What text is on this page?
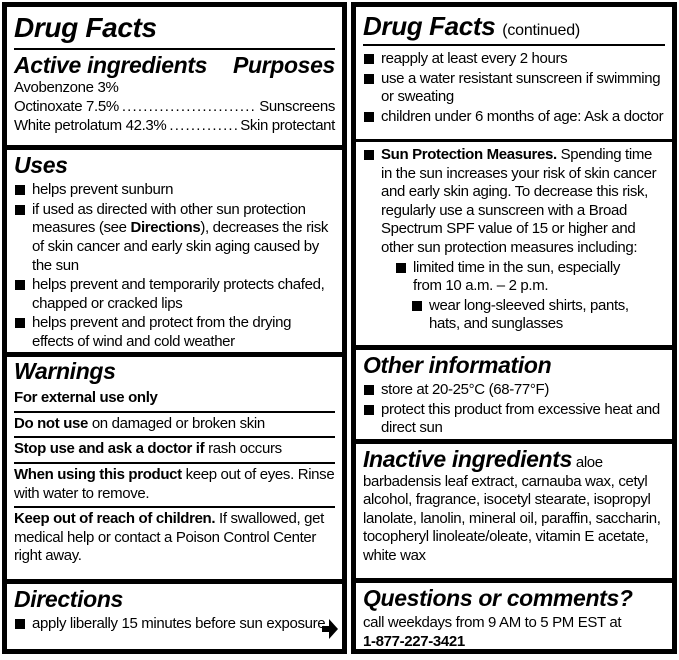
Drug Facts
Active ingredients Purposes
Avobenzone 3%
Octinoxate 7.5% .....	Sunscreens
White petrolatum 42.3% .....	Skin protectant
Uses
helps prevent sunburn
if used as directed with other sun protection measures (see Directions), decreases the risk of skin cancer and early skin aging caused by the sun
helps prevent and temporarily protects chafed, chapped or cracked lips
helps prevent and protect from the drying effects of wind and cold weather
Warnings
For external use only
Do not use on damaged or broken skin
Stop use and ask a doctor if rash occurs
When using this product keep out of eyes. Rinse with water to remove.
Keep out of reach of children. If swallowed, get medical help or contact a Poison Control Center right away.
Directions
apply liberally 15 minutes before sun exposure
Drug Facts (continued)
reapply at least every 2 hours
use a water resistant sunscreen if swimming or sweating
children under 6 months of age: Ask a doctor
Sun Protection Measures. Spending time in the sun increases your risk of skin cancer and early skin aging. To decrease this risk, regularly use a sunscreen with a Broad Spectrum SPF value of 15 or higher and other sun protection measures including:
limited time in the sun, especially from 10 a.m. – 2 p.m.
wear long-sleeved shirts, pants, hats, and sunglasses
Other information
store at 20-25°C (68-77°F)
protect this product from excessive heat and direct sun
Inactive ingredients aloe barbadensis leaf extract, carnauba wax, cetyl alcohol, fragrance, isocetyl stearate, isopropyl lanolate, lanolin, mineral oil, paraffin, saccharin, tocopheryl linoleate/oleate, vitamin E acetate, white wax
Questions or comments?
call weekdays from 9 AM to 5 PM EST at
1-877-227-3421
